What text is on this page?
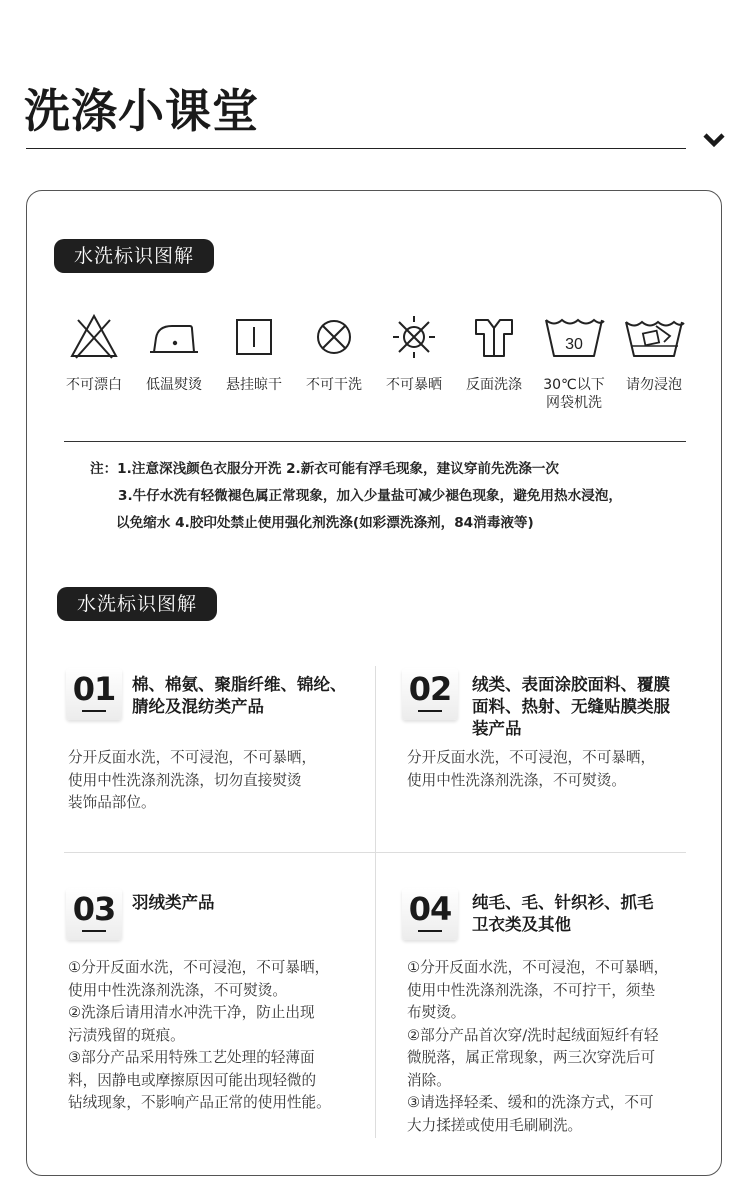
洗涤小课堂
水洗标识图解
不可漂白	低温熨烫	悬挂晾干	不可干洗	不可暴晒	反面洗涤
30
30℃以下网袋机洗
请勿浸泡
注：1.注意深浅颜色衣服分开洗 2.新衣可能有浮毛现象，建议穿前先洗涤一次
3.牛仔水洗有轻微褪色属正常现象，加入少量盐可减少褪色现象，避免用热水浸泡，
以免缩水 4.胶印处禁止使用强化剂洗涤(如彩漂洗涤剂，84消毒液等)
水洗标识图解
01	棉、棉氨、聚脂纤维、锦纶、
腈纶及混纺类产品
分开反面水洗，不可浸泡，不可暴晒，
使用中性洗涤剂洗涤，切勿直接熨烫
装饰品部位。
02	绒类、表面涂胶面料、覆膜
面料、热射、无缝贴膜类服
装产品
分开反面水洗，不可浸泡，不可暴晒，
使用中性洗涤剂洗涤，不可熨烫。
03	羽绒类产品
①分开反面水洗，不可浸泡，不可暴晒，
使用中性洗涤剂洗涤，不可熨烫。
②洗涤后请用清水冲洗干净，防止出现
污渍残留的斑痕。
③部分产品采用特殊工艺处理的轻薄面
料，因静电或摩擦原因可能出现轻微的
钻绒现象，不影响产品正常的使用性能。
04	纯毛、毛、针织衫、抓毛
卫衣类及其他
①分开反面水洗，不可浸泡，不可暴晒，
使用中性洗涤剂洗涤，不可拧干，须垫
布熨烫。
②部分产品首次穿/洗时起绒面短纤有轻
微脱落，属正常现象，两三次穿洗后可
消除。
③请选择轻柔、缓和的洗涤方式，不可
大力揉搓或使用毛刷刷洗。
